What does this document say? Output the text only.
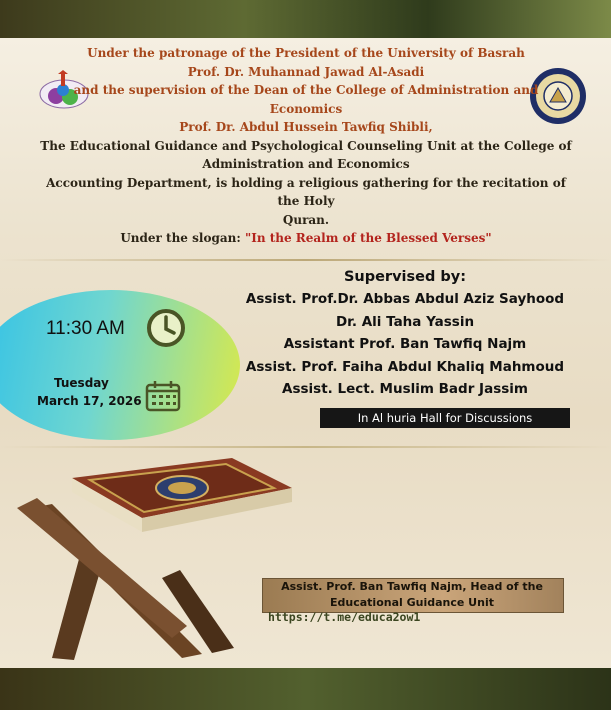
Under the patronage of the President of the University of Basrah
Prof. Dr. Muhannad Jawad Al-Asadi
and the supervision of the Dean of the College of Administration and Economics
Prof. Dr. Abdul Hussein Tawfiq Shibli,
The Educational Guidance and Psychological Counseling Unit at the College of
Administration and Economics
Accounting Department, is holding a religious gathering for the recitation of the Holy
Quran.
Under the slogan: "In the Realm of the Blessed Verses"
11:30 AM
Tuesday
March 17, 2026
Supervised by:
Assist. Prof.Dr. Abbas Abdul Aziz Sayhood
Dr. Ali Taha Yassin
Assistant Prof. Ban Tawfiq Najm
Assist. Prof. Faiha Abdul Khaliq Mahmoud
Assist. Lect. Muslim Badr Jassim
In Al huria Hall for Discussions
Assist. Prof. Ban Tawfiq Najm, Head of the
Educational Guidance Unit
https://t.me/educa2ow1
